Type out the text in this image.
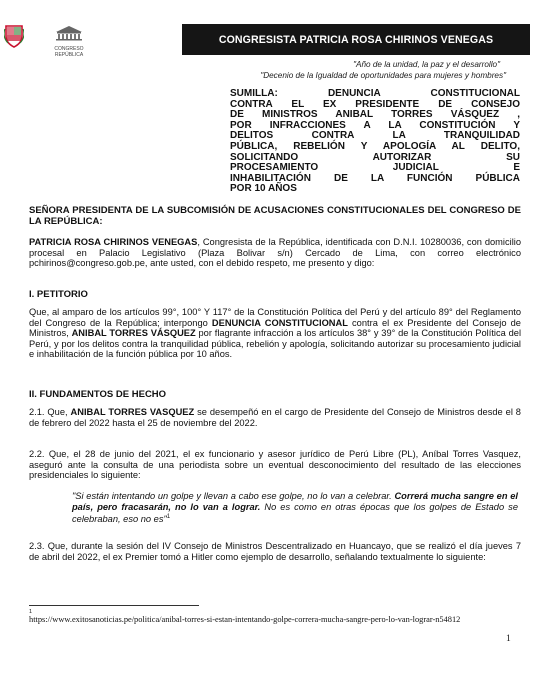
CONGRESO
REPÚBLICA
CONGRESISTA PATRICIA ROSA CHIRINOS VENEGAS
"Año de la unidad, la paz y el desarrollo"
"Decenio de la Igualdad de oportunidades para mujeres y hombres"
SUMILLA: DENUNCIA CONSTITUCIONAL
CONTRA EL EX PRESIDENTE DE CONSEJO
DE MINISTROS ANIBAL TORRES VÁSQUEZ ,
POR INFRACCIONES A LA CONSTITUCIÓN Y
DELITOS CONTRA LA TRANQUILIDAD
PÚBLICA, REBELIÓN Y APOLOGÍA AL DELITO,
SOLICITANDO AUTORIZAR SU
PROCESAMIENTO JUDICIAL E
INHABILITACIÓN DE LA FUNCIÓN PÚBLICA
POR 10 AÑOS

SEÑORA PRESIDENTA DE LA SUBCOMISIÓN DE ACUSACIONES CONSTITUCIONALES DEL CONGRESO DE LA REPÚBLICA:

PATRICIA ROSA CHIRINOS VENEGAS, Congresista de la República, identificada con D.N.I. 10280036, con domicilio procesal en Palacio Legislativo (Plaza Bolivar s/n) Cercado de Lima, con correo electrónico pchirinos@congreso.gob.pe, ante usted, con el debido respeto, me presento y digo:

I. PETITORIO

Que, al amparo de los artículos 99°, 100° Y 117° de la Constitución Política del Perú y del artículo 89° del Reglamento del Congreso de la República; interpongo DENUNCIA CONSTITUCIONAL contra el ex Presidente del Consejo de Ministros, ANIBAL TORRES VÁSQUEZ por flagrante infracción a los artículos 38° y 39° de la Constitución Política del Perú, y por los delitos contra la tranquilidad pública, rebelión y apología, solicitando autorizar su procesamiento judicial e inhabilitación de la función pública por 10 años.

II. FUNDAMENTOS DE HECHO

2.1. Que, ANIBAL TORRES VASQUEZ se desempeñó en el cargo de Presidente del Consejo de Ministros desde el 8 de febrero del 2022 hasta el 25 de noviembre del 2022.

2.2. Que, el 28 de junio del 2021, el ex funcionario y asesor jurídico de Perú Libre (PL), Aníbal Torres Vasquez, aseguró ante la consulta de una periodista sobre un eventual desconocimiento del resultado de las elecciones presidenciales lo siguiente:

"Si están intentando un golpe y llevan a cabo ese golpe, no lo van a celebrar. Correrá mucha sangre en el país, pero fracasarán, no lo van a lograr. No es como en otras épocas que los golpes de Estado se celebraban, eso no es"$^1$

2.3. Que, durante la sesión del IV Consejo de Ministros Descentralizado en Huancayo, que se realizó el día jueves 7 de abril del 2022, el ex Premier tomó a Hitler como ejemplo de desarrollo, señalando textualmente lo siguiente:

1

https://www.exitosanoticias.pe/politica/anibal-torres-si-estan-intentando-golpe-correra-mucha-sangre-pero-lo-van-lograr-n54812

1
